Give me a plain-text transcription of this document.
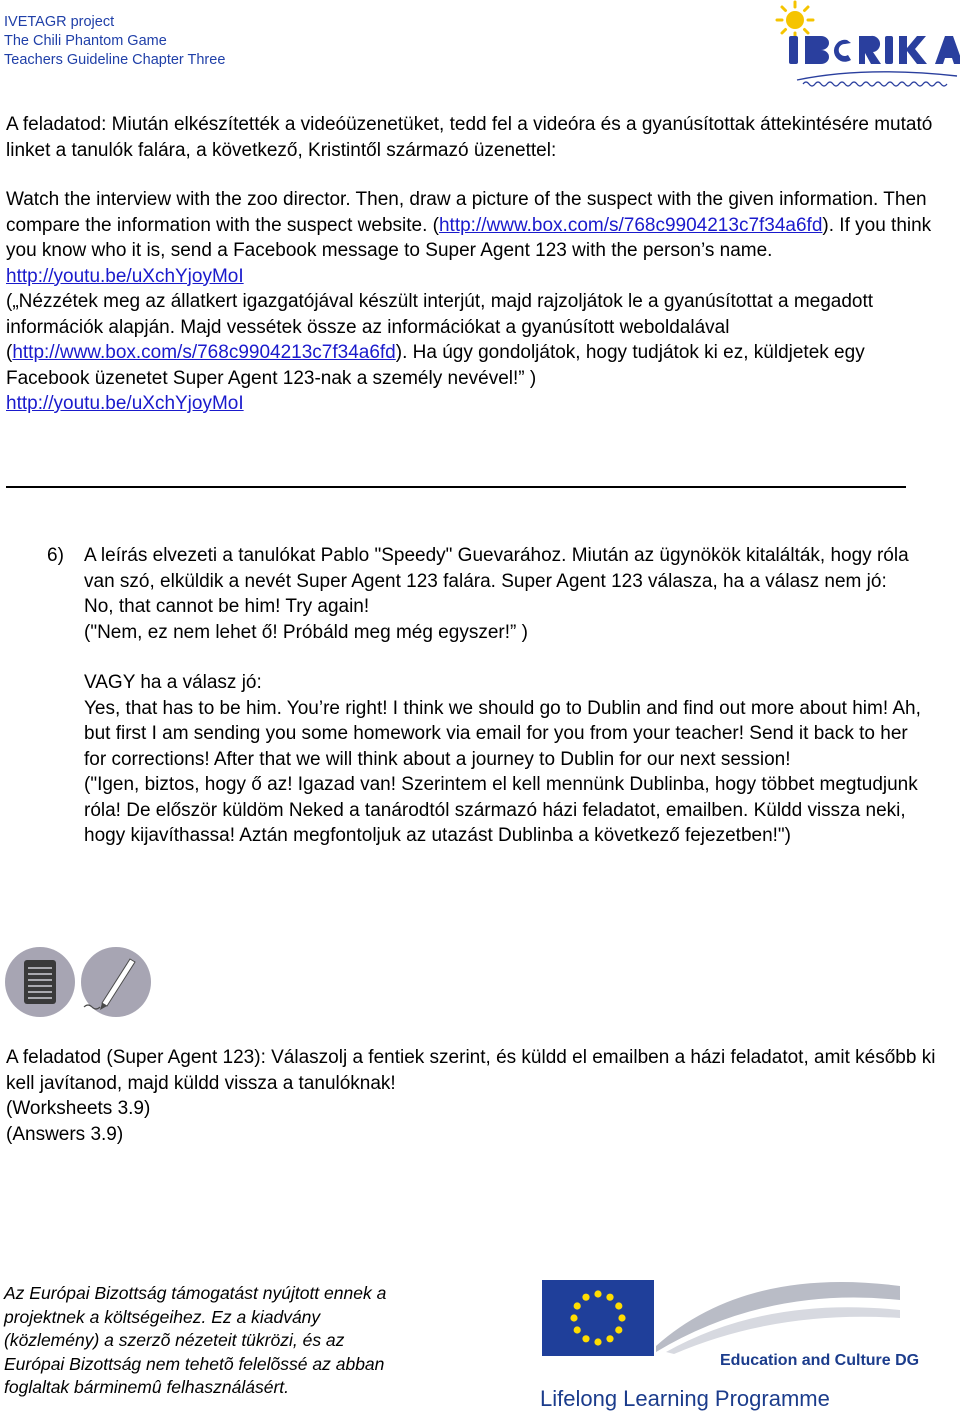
IVETAGR project
The Chili Phantom Game
Teachers Guideline Chapter Three
A feladatod: Miután elkészítették a videóüzenetüket, tedd fel a videóra és a gyanúsítottak áttekintésére mutató linket a tanulók falára, a következő, Kristintől származó üzenettel:
Watch the interview with the zoo director. Then, draw a picture of the suspect with the given information. Then compare the information with the suspect website. (http://www.box.com/s/768c9904213c7f34a6fd). If you think you know who it is, send a Facebook message to Super Agent 123 with the person’s name.
http://youtu.be/uXchYjoyMoI
(„Nézzétek meg az állatkert igazgatójával készült interjút, majd rajzoljátok le a gyanúsítottat a megadott információk alapján. Majd vessétek össze az információkat a gyanúsított weboldalával (http://www.box.com/s/768c9904213c7f34a6fd). Ha úgy gondoljátok, hogy tudjátok ki ez, küldjetek egy Facebook üzenetet Super Agent 123-nak a személy nevével!” )
http://youtu.be/uXchYjoyMoI
6) A leírás elvezeti a tanulókat Pablo "Speedy" Guevarához. Miután az ügynökök kitalálták, hogy róla van szó, elküldik a nevét Super Agent 123 falára. Super Agent 123 válasza, ha a válasz nem jó:
No, that cannot be him! Try again!
("Nem, ez nem lehet ő! Próbáld meg még egyszer!” )
VAGY ha a válasz jó:
Yes, that has to be him. You’re right! I think we should go to Dublin and find out more about him! Ah, but first I am sending you some homework via email for you from your teacher! Send it back to her for corrections! After that we will think about a journey to Dublin for our next session!
("Igen, biztos, hogy ő az! Igazad van! Szerintem el kell mennünk Dublinba, hogy többet megtudjunk róla! De először küldöm Neked a tanárodtól származó házi feladatot, emailben. Küldd vissza neki, hogy kijavíthassa! Aztán megfontoljuk az utazást Dublinba a következő fejezetben!")
A feladatod (Super Agent 123): Válaszolj a fentiek szerint, és küldd el emailben a házi feladatot, amit később ki kell javítanod, majd küldd vissza a tanulóknak!
(Worksheets 3.9)
(Answers 3.9)
Az Európai Bizottság támogatást nyújtott ennek a
projektnek a költségeihez. Ez a kiadvány
(közlemény) a szerzõ nézeteit tükrözi, és az
Európai Bizottság nem tehetõ felelõssé az abban
foglaltak bárminemû felhasználásért.
Education and Culture DG
Lifelong Learning Programme
